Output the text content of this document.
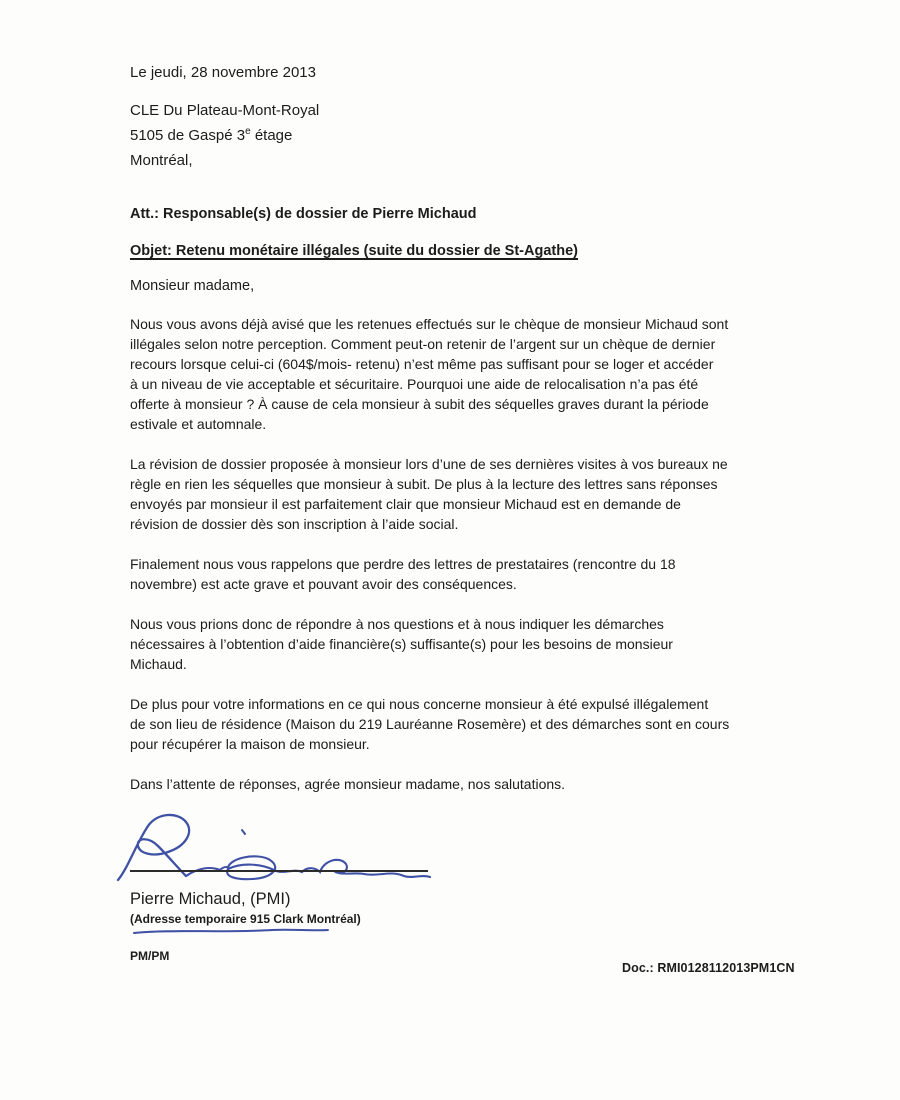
Le jeudi, 28 novembre 2013
CLE Du Plateau-Mont-Royal
5105 de Gaspé 3e étage
Montréal,
Att.: Responsable(s) de dossier de Pierre Michaud
Objet: Retenu monétaire illégales (suite du dossier de St-Agathe)
Monsieur madame,

Nous vous avons déjà avisé que les retenues effectués sur le chèque de monsieur Michaud sont
illégales selon notre perception. Comment peut-on retenir de l’argent sur un chèque de dernier
recours lorsque celui-ci (604$/mois- retenu) n’est même pas suffisant pour se loger et accéder
à un niveau de vie acceptable et sécuritaire. Pourquoi une aide de relocalisation n’a pas été
offerte à monsieur ? À cause de cela monsieur à subit des séquelles graves durant la période
estivale et automnale.

La révision de dossier proposée à monsieur lors d’une de ses dernières visites à vos bureaux ne
règle en rien les séquelles que monsieur à subit. De plus à la lecture des lettres sans réponses
envoyés par monsieur il est parfaitement clair que monsieur Michaud est en demande de
révision de dossier dès son inscription à l’aide social.

Finalement nous vous rappelons que perdre des lettres de prestataires (rencontre du 18
novembre) est acte grave et pouvant avoir des conséquences.

Nous vous prions donc de répondre à nos questions et à nous indiquer les démarches
nécessaires à l’obtention d’aide financière(s) suffisante(s) pour les besoins de monsieur
Michaud.

De plus pour votre informations en ce qui nous concerne monsieur à été expulsé illégalement
de son lieu de résidence (Maison du 219 Lauréanne Rosemère) et des démarches sont en cours
pour récupérer la maison de monsieur.

Dans l’attente de réponses, agrée monsieur madame, nos salutations.

Pierre Michaud, (PMI)
(Adresse temporaire 915 Clark Montréal)
PM/PM
Doc.: RMI0128112013PM1CN
